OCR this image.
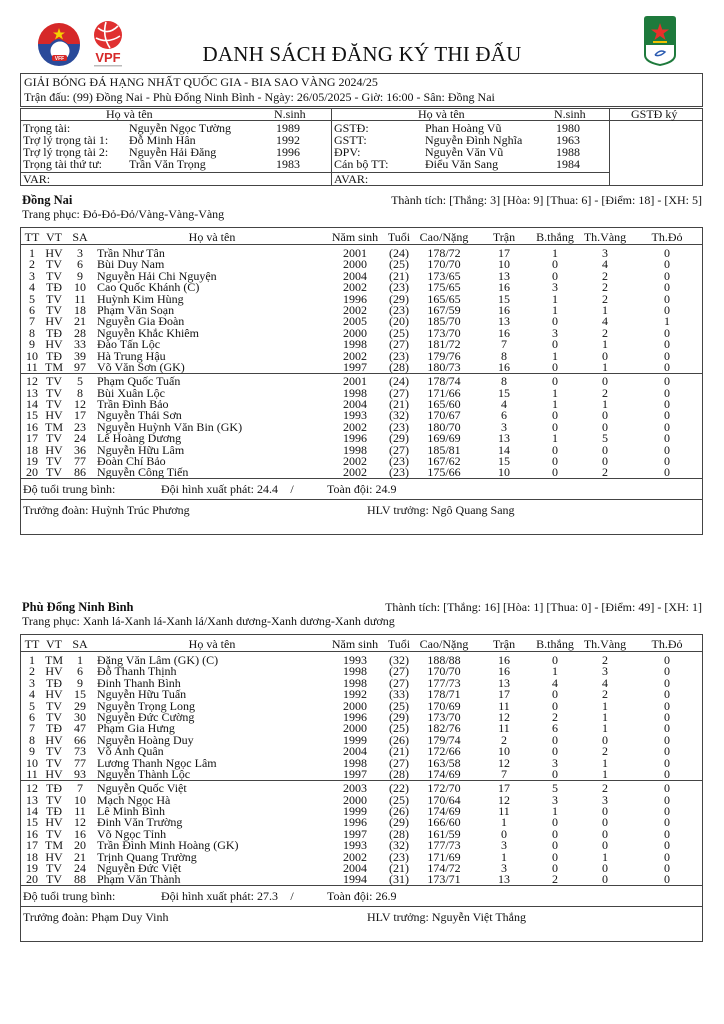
VFF VPF	DANH SÁCH ĐĂNG KÝ THI ĐẤU
GIẢI BÓNG ĐÁ HẠNG NHẤT QUỐC GIA - BIA SAO VÀNG 2024/25
Trận đấu: (99) Đồng Nai - Phù Đổng Ninh Bình - Ngày: 26/05/2025 - Giờ: 16:00 - Sân: Đồng Nai
Họ và tên	N.sinh	Họ và tên	N.sinh	GSTĐ ký
Trọng tài:	Nguyễn Ngọc Tường	1989
Trợ lý trọng tài 1: Đỗ Minh Hân	1992
Trợ lý trọng tài 2: Nguyễn Hải Đăng	1996
Trọng tài thứ tư: Trần Văn Trọng	1983
GSTĐ:	Phan Hoàng Vũ	1980
GSTT:	Nguyễn Đình Nghĩa	1963
ĐPV:	Nguyễn Văn Vũ	1988
Cán bộ TT:	Điểu Văn Sang	1984
VAR:	AVAR:
Đồng Nai	Thành tích: [Thắng: 3] [Hòa: 9] [Thua: 6] - [Điểm: 18] - [XH: 5]
Trang phục: Đỏ-Đỏ-Đỏ/Vàng-Vàng-Vàng
TT VT SA	Họ và tên	Năm sinh Tuổi Cao/Nặng	Trận	B.thắng Th.Vàng	Th.Đỏ
1 HV	3	Trần Như Tân	2001	(24)	178/72	17	1	3	0
2 TV	6	Bùi Duy Nam	2000	(25)	170/70	10	0	4	0
3 TV	9	Nguyễn Hải Chi Nguyện	2004	(21)	173/65	13	0	2	0
4 TĐ	10 Cao Quốc Khánh (C)	2002	(23)	175/65	16	3	2	0
5 TV	11 Huỳnh Kim Hùng	1996	(29)	165/65	15	1	2	0
6 TV	18 Phạm Văn Soạn	2002	(23)	167/59	16	1	1	0
7 HV 21 Nguyễn Gia Đoàn	2005	(20)	185/70	13	0	4	1
8 TĐ	28 Nguyễn Khắc Khiêm	2000	(25)	173/70	16	3	2	0
9 HV 33 Đào Tấn Lộc	1998	(27)	181/72	7	0	1	0
10 TĐ	39 Hà Trung Hậu	2002	(23)	179/76	8	1	0	0
11 TM 97 Võ Văn Sơn (GK)	1997	(28)	180/73	16	0	1	0
12 TV	5	Phạm Quốc Tuấn	2001	(24)	178/74	8	0	0	0
13 TV	8	Bùi Xuân Lộc	1998	(27)	171/66	15	1	2	0
14 TV	12 Trần Đình Bảo	2004	(21)	165/60	4	1	1	0
15 HV 17 Nguyễn Thái Sơn	1993	(32)	170/67	6	0	0	0
16 TM 23 Nguyễn Huỳnh Văn Bin (GK)	2002	(23)	180/70	3	0	0	0
17 TV	24 Lê Hoàng Dương	1996	(29)	169/69	13	1	5	0
18 HV 36 Nguyễn Hữu Lâm	1998	(27)	185/81	14	0	0	0
19 TV	77 Đoàn Chí Bảo	2002	(23)	167/62	15	0	0	0
20 TV	86 Nguyễn Công Tiến	2002	(23)	175/66	10	0	2	0
Độ tuổi trung bình:	Đội hình xuất phát: 24.4	/	Toàn đội: 24.9
Trưởng đoàn: Huỳnh Trúc Phương	HLV trưởng: Ngô Quang Sang
Phù Đổng Ninh Bình	Thành tích: [Thắng: 16] [Hòa: 1] [Thua: 0] - [Điểm: 49] - [XH: 1]
Trang phục: Xanh lá-Xanh lá-Xanh lá/Xanh dương-Xanh dương-Xanh dương
TT VT SA	Họ và tên	Năm sinh Tuổi Cao/Nặng	Trận	B.thắng Th.Vàng	Th.Đỏ
1 TM	1	Đặng Văn Lâm (GK) (C)	1993	(32)	188/88	16	0	2	0
2 HV	6	Đỗ Thanh Thịnh	1998	(27)	170/70	16	1	3	0
3 TĐ	9	Đinh Thanh Bình	1998	(27)	177/73	13	4	4	0
4 HV 15 Nguyễn Hữu Tuấn	1992	(33)	178/71	17	0	2	0
5 TV	29 Nguyễn Trọng Long	2000	(25)	170/69	11	0	1	0
6 TV	30 Nguyễn Đức Cường	1996	(29)	173/70	12	2	1	0
7 TĐ	47 Phạm Gia Hưng	2000	(25)	182/76	11	6	1	0
8 HV 66 Nguyễn Hoàng Duy	1999	(26)	179/74	2	0	0	0
9 TV	73 Võ Anh Quân	2004	(21)	172/66	10	0	2	0
10 TV	77 Lương Thanh Ngọc Lâm	1998	(27)	163/58	12	3	1	0
11 HV 93 Nguyễn Thành Lộc	1997	(28)	174/69	7	0	1	0
12 TĐ	7	Nguyễn Quốc Việt	2003	(22)	172/70	17	5	2	0
13 TV	10 Mạch Ngọc Hà	2000	(25)	170/64	12	3	3	0
14 TĐ	11 Lê Minh Bình	1999	(26)	174/69	11	1	0	0
15 HV 12 Đinh Văn Trường	1996	(29)	166/60	1	0	0	0
16 TV	16 Võ Ngọc Tỉnh	1997	(28)	161/59	0	0	0	0
17 TM 20 Trần Đình Minh Hoàng (GK)	1993	(32)	177/73	3	0	0	0
18 HV 21 Trịnh Quang Trường	2002	(23)	171/69	1	0	1	0
19 TV	24 Nguyễn Đức Việt	2004	(21)	174/72	3	0	0	0
20 TV	88 Phạm Văn Thành	1994	(31)	173/71	13	2	0	0
Độ tuổi trung bình:	Đội hình xuất phát: 27.3	/	Toàn đội: 26.9
Trưởng đoàn: Phạm Duy Vinh	HLV trưởng: Nguyễn Việt Thắng
